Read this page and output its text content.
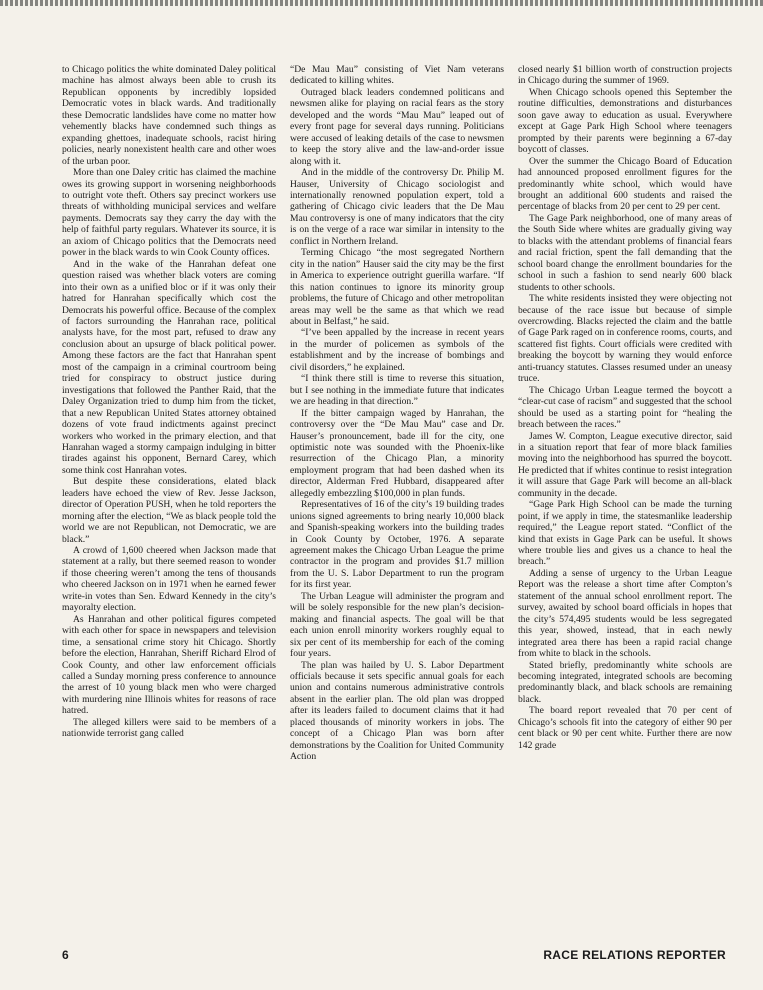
to Chicago politics the white dominated Daley political machine has almost always been able to crush its Republican opponents by incredibly lopsided Democratic votes in black wards. And traditionally these Democratic landslides have come no matter how vehemently blacks have condemned such things as expanding ghettoes, inadequate schools, racist hiring policies, nearly nonexistent health care and other woes of the urban poor.

More than one Daley critic has claimed the machine owes its growing support in worsening neighborhoods to outright vote theft. Others say precinct workers use threats of withholding municipal services and welfare payments. Democrats say they carry the day with the help of faithful party regulars. Whatever its source, it is an axiom of Chicago politics that the Democrats need power in the black wards to win Cook County offices.

And in the wake of the Hanrahan defeat one question raised was whether black voters are coming into their own as a unified bloc or if it was only their hatred for Hanrahan specifically which cost the Democrats his powerful office. Because of the complex of factors surrounding the Hanrahan race, political analysts have, for the most part, refused to draw any conclusion about an upsurge of black political power. Among these factors are the fact that Hanrahan spent most of the campaign in a criminal courtroom being tried for conspiracy to obstruct justice during investigations that followed the Panther Raid, that the Daley Organization tried to dump him from the ticket, that a new Republican United States attorney obtained dozens of vote fraud indictments against precinct workers who worked in the primary election, and that Hanrahan waged a stormy campaign indulging in bitter tirades against his opponent, Bernard Carey, which some think cost Hanrahan votes.

But despite these considerations, elated black leaders have echoed the view of Rev. Jesse Jackson, director of Operation PUSH, when he told reporters the morning after the election, “We as black people told the world we are not Republican, not Democratic, we are black.”

A crowd of 1,600 cheered when Jackson made that statement at a rally, but there seemed reason to wonder if those cheering weren’t among the tens of thousands who cheered Jackson on in 1971 when he earned fewer write-in votes than Sen. Edward Kennedy in the city’s mayoralty election.

As Hanrahan and other political figures competed with each other for space in newspapers and television time, a sensational crime story hit Chicago. Shortly before the election, Hanrahan, Sheriff Richard Elrod of Cook County, and other law enforcement officials called a Sunday morning press conference to announce the arrest of 10 young black men who were charged with murdering nine Illinois whites for reasons of race hatred.

The alleged killers were said to be members of a nationwide terrorist gang called

“De Mau Mau” consisting of Viet Nam veterans dedicated to killing whites.

Outraged black leaders condemned politicans and newsmen alike for playing on racial fears as the story developed and the words “Mau Mau” leaped out of every front page for several days running. Politicians were accused of leaking details of the case to newsmen to keep the story alive and the law-and-order issue along with it.

And in the middle of the controversy Dr. Philip M. Hauser, University of Chicago sociologist and internationally renowned population expert, told a gathering of Chicago civic leaders that the De Mau Mau controversy is one of many indicators that the city is on the verge of a race war similar in intensity to the conflict in Northern Ireland.

Terming Chicago “the most segregated Northern city in the nation” Hauser said the city may be the first in America to experience outright guerilla warfare. “If this nation continues to ignore its minority group problems, the future of Chicago and other metropolitan areas may well be the same as that which we read about in Belfast,” he said.

“I’ve been appalled by the increase in recent years in the murder of policemen as symbols of the establishment and by the increase of bombings and civil disorders,” he explained.

“I think there still is time to reverse this situation, but I see nothing in the immediate future that indicates we are heading in that direction.”

If the bitter campaign waged by Hanrahan, the controversy over the “De Mau Mau” case and Dr. Hauser’s pronouncement, bade ill for the city, one optimistic note was sounded with the Phoenix-like resurrection of the Chicago Plan, a minority employment program that had been dashed when its director, Alderman Fred Hubbard, disappeared after allegedly embezzling $100,000 in plan funds.

Representatives of 16 of the city’s 19 building trades unions signed agreements to bring nearly 10,000 black and Spanish-speaking workers into the building trades in Cook County by October, 1976. A separate agreement makes the Chicago Urban League the prime contractor in the program and provides $1.7 million from the U. S. Labor Department to run the program for its first year.

The Urban League will administer the program and will be solely responsible for the new plan’s decision-making and financial aspects. The goal will be that each union enroll minority workers roughly equal to six per cent of its membership for each of the coming four years.

The plan was hailed by U. S. Labor Department officials because it sets specific annual goals for each union and contains numerous administrative controls absent in the earlier plan. The old plan was dropped after its leaders failed to document claims that it had placed thousands of minority workers in jobs. The concept of a Chicago Plan was born after demonstrations by the Coalition for United Community Action

closed nearly $1 billion worth of construction projects in Chicago during the summer of 1969.

When Chicago schools opened this September the routine difficulties, demonstrations and disturbances soon gave away to education as usual. Everywhere except at Gage Park High School where teenagers prompted by their parents were beginning a 67-day boycott of classes.

Over the summer the Chicago Board of Education had announced proposed enrollment figures for the predominantly white school, which would have brought an additional 600 students and raised the percentage of blacks from 20 per cent to 29 per cent.

The Gage Park neighborhood, one of many areas of the South Side where whites are gradually giving way to blacks with the attendant problems of financial fears and racial friction, spent the fall demanding that the school board change the enrollment boundaries for the school in such a fashion to send nearly 600 black students to other schools.

The white residents insisted they were objecting not because of the race issue but because of simple overcrowding. Blacks rejected the claim and the battle of Gage Park raged on in conference rooms, courts, and scattered fist fights. Court officials were credited with breaking the boycott by warning they would enforce anti-truancy statutes. Classes resumed under an uneasy truce.

The Chicago Urban League termed the boycott a “clear-cut case of racism” and suggested that the school should be used as a starting point for “healing the breach between the races.”

James W. Compton, League executive director, said in a situation report that fear of more black families moving into the neighborhood has spurred the boycott. He predicted that if whites continue to resist integration it will assure that Gage Park will become an all-black community in the decade.

“Gage Park High School can be made the turning point, if we apply in time, the statesmanlike leadership required,” the League report stated. “Conflict of the kind that exists in Gage Park can be useful. It shows where trouble lies and gives us a chance to heal the breach.”

Adding a sense of urgency to the Urban League Report was the release a short time after Compton’s statement of the annual school enrollment report. The survey, awaited by school board officials in hopes that the city’s 574,495 students would be less segregated this year, showed, instead, that in each newly integrated area there has been a rapid racial change from white to black in the schools.

Stated briefly, predominantly white schools are becoming integrated, integrated schools are becoming predominantly black, and black schools are remaining black.

The board report revealed that 70 per cent of Chicago’s schools fit into the category of either 90 per cent black or 90 per cent white. Further there are now 142 grade

6	RACE RELATIONS REPORTER
